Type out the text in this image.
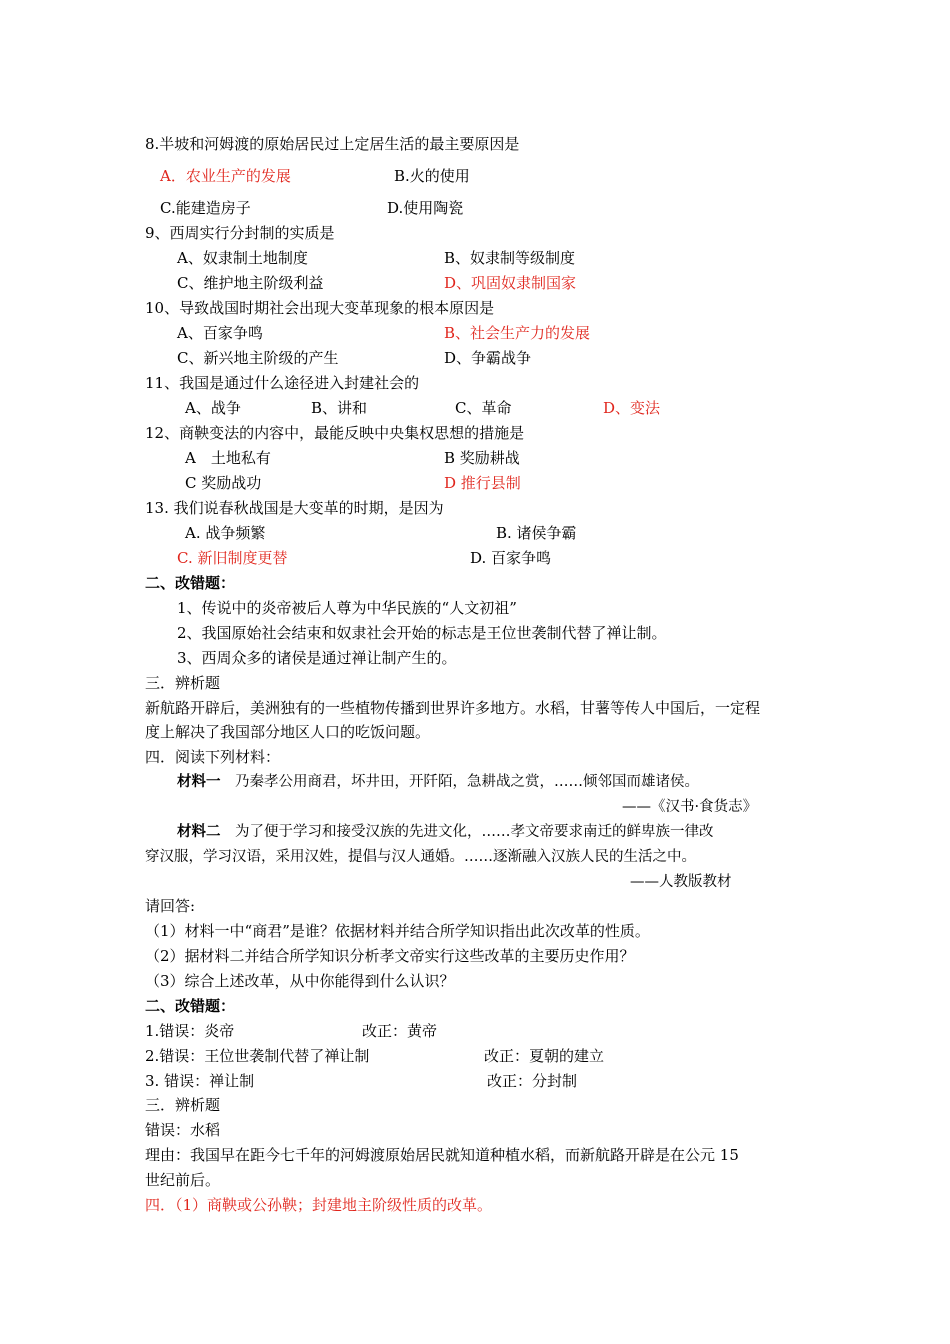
8.半坡和河姆渡的原始居民过上定居生活的最主要原因是
A．农业生产的发展	B.火的使用
C.能建造房子	D.使用陶瓷
9、西周实行分封制的实质是
A、奴隶制土地制度	B、奴隶制等级制度
C、维护地主阶级利益	D、巩固奴隶制国家
10、导致战国时期社会出现大变革现象的根本原因是
A、百家争鸣	B、社会生产力的发展
C、新兴地主阶级的产生	D、争霸战争
11、我国是通过什么途径进入封建社会的
A、战争	B、讲和	C、革命	D、变法
12、商鞅变法的内容中，最能反映中央集权思想的措施是
A　土地私有	B 奖励耕战
C 奖励战功	D 推行县制
13. 我们说春秋战国是大变革的时期，是因为
A. 战争频繁	B. 诸侯争霸
C. 新旧制度更替	D. 百家争鸣
二、改错题：
1、传说中的炎帝被后人尊为中华民族的“人文初祖”
2、我国原始社会结束和奴隶社会开始的标志是王位世袭制代替了禅让制。
3、西周众多的诸侯是通过禅让制产生的。
三．辨析题
新航路开辟后，美洲独有的一些植物传播到世界许多地方。水稻，甘薯等传人中国后，一定程
度上解决了我国部分地区人口的吃饭问题。
四．阅读下列材料：
材料一　乃秦孝公用商君，坏井田，开阡陌，急耕战之赏，……倾邻国而雄诸侯。
——《汉书·食货志》
材料二　为了便于学习和接受汉族的先进文化，……孝文帝要求南迁的鲜卑族一律改
穿汉服，学习汉语，采用汉姓，提倡与汉人通婚。……逐渐融入汉族人民的生活之中。
——人教版教材
请回答:
（1）材料一中“商君”是谁？依据材料并结合所学知识指出此次改革的性质。
（2）据材料二并结合所学知识分析孝文帝实行这些改革的主要历史作用？
（3）综合上述改革，从中你能得到什么认识？
二、改错题：
1.错误：炎帝	改正：黄帝
2.错误：王位世袭制代替了禅让制	改正：夏朝的建立
3. 错误：禅让制	改正：分封制
三．辨析题
错误：水稻
理由：我国早在距今七千年的河姆渡原始居民就知道种植水稻，而新航路开辟是在公元 15
世纪前后。
四．（1）商鞅或公孙鞅；封建地主阶级性质的改革。
